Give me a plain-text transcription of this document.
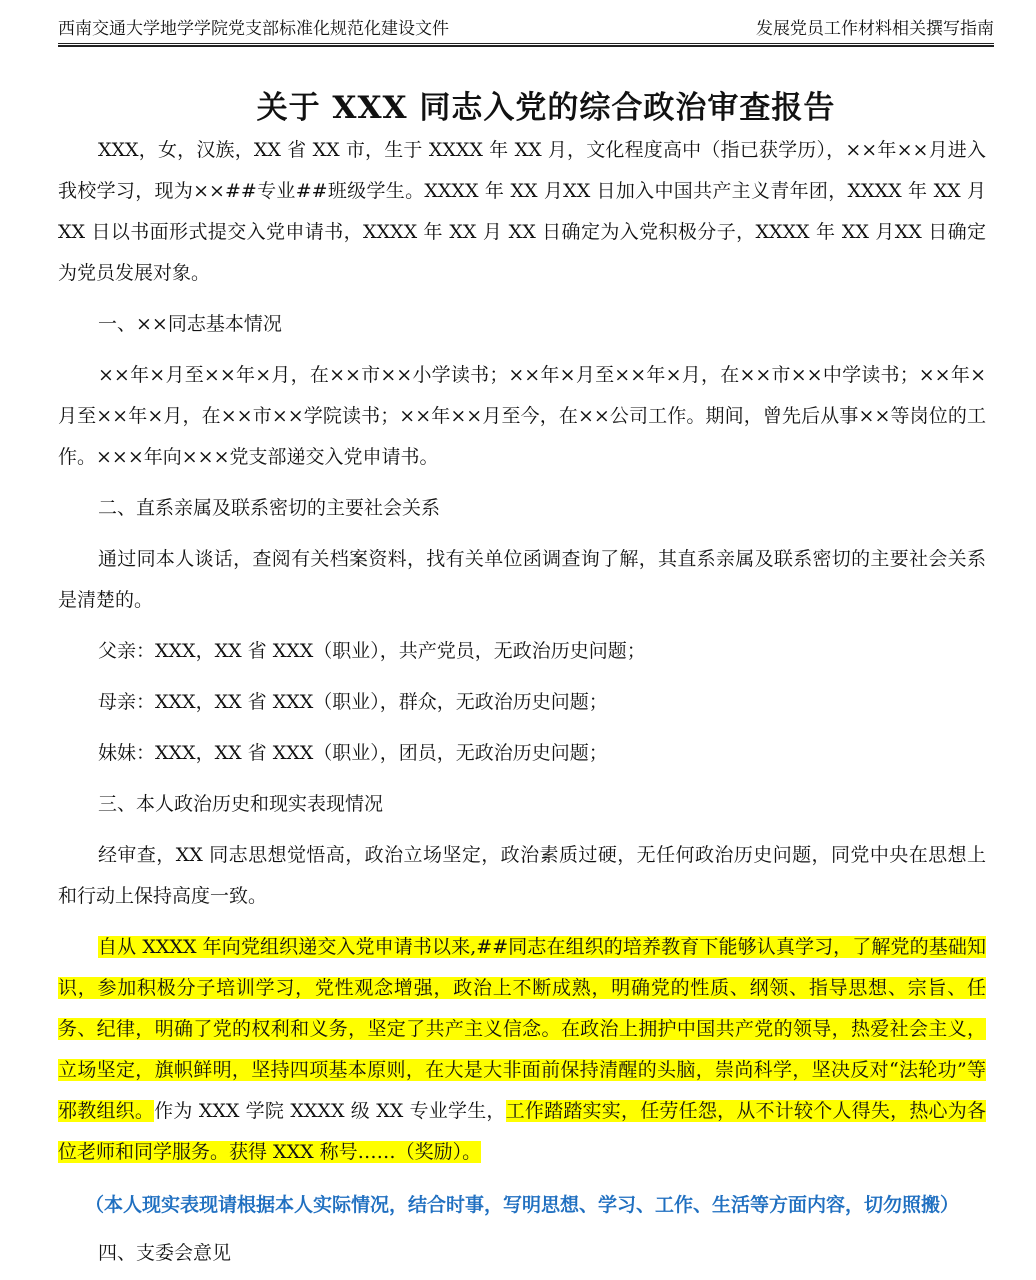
西南交通大学地学学院党支部标准化规范化建设文件	发展党员工作材料相关撰写指南
关于 XXX 同志入党的综合政治审查报告

XXX，女，汉族，XX 省 XX 市，生于 XXXX 年 XX 月，文化程度高中（指已获学历），××年××月进入我校学习，现为××##专业##班级学生。XXXX 年 XX 月XX 日加入中国共产主义青年团，XXXX 年 XX 月 XX 日以书面形式提交入党申请书，XXXX 年 XX 月 XX 日确定为入党积极分子，XXXX 年 XX 月XX 日确定为党员发展对象。

一、××同志基本情况

××年×月至××年×月，在××市××小学读书；××年×月至××年×月，在××市××中学读书；××年×月至××年×月，在××市××学院读书；××年××月至今，在××公司工作。期间，曾先后从事××等岗位的工作。×××年向×××党支部递交入党申请书。

二、直系亲属及联系密切的主要社会关系

通过同本人谈话，查阅有关档案资料，找有关单位函调查询了解，其直系亲属及联系密切的主要社会关系是清楚的。

父亲：XXX，XX 省 XXX（职业），共产党员，无政治历史问题；

母亲：XXX，XX 省 XXX（职业），群众，无政治历史问题；

妹妹：XXX，XX 省 XXX（职业），团员，无政治历史问题；

三、本人政治历史和现实表现情况

经审查，XX 同志思想觉悟高，政治立场坚定，政治素质过硬，无任何政治历史问题，同党中央在思想上和行动上保持高度一致。

自从 XXXX 年向党组织递交入党申请书以来,##同志在组织的培养教育下能够认真学习，了解党的基础知识，参加积极分子培训学习，党性观念增强，政治上不断成熟，明确党的性质、纲领、指导思想、宗旨、任务、纪律，明确了党的权利和义务，坚定了共产主义信念。在政治上拥护中国共产党的领导，热爱社会主义，立场坚定，旗帜鲜明，坚持四项基本原则，在大是大非面前保持清醒的头脑，崇尚科学，坚决反对“法轮功”等邪教组织。作为 XXX 学院 XXXX 级 XX 专业学生，工作踏踏实实，任劳任怨，从不计较个人得失，热心为各位老师和同学服务。获得 XXX 称号……（奖励）。

（本人现实表现请根据本人实际情况，结合时事，写明思想、学习、工作、生活等方面内容，切勿照搬）

四、支委会意见
